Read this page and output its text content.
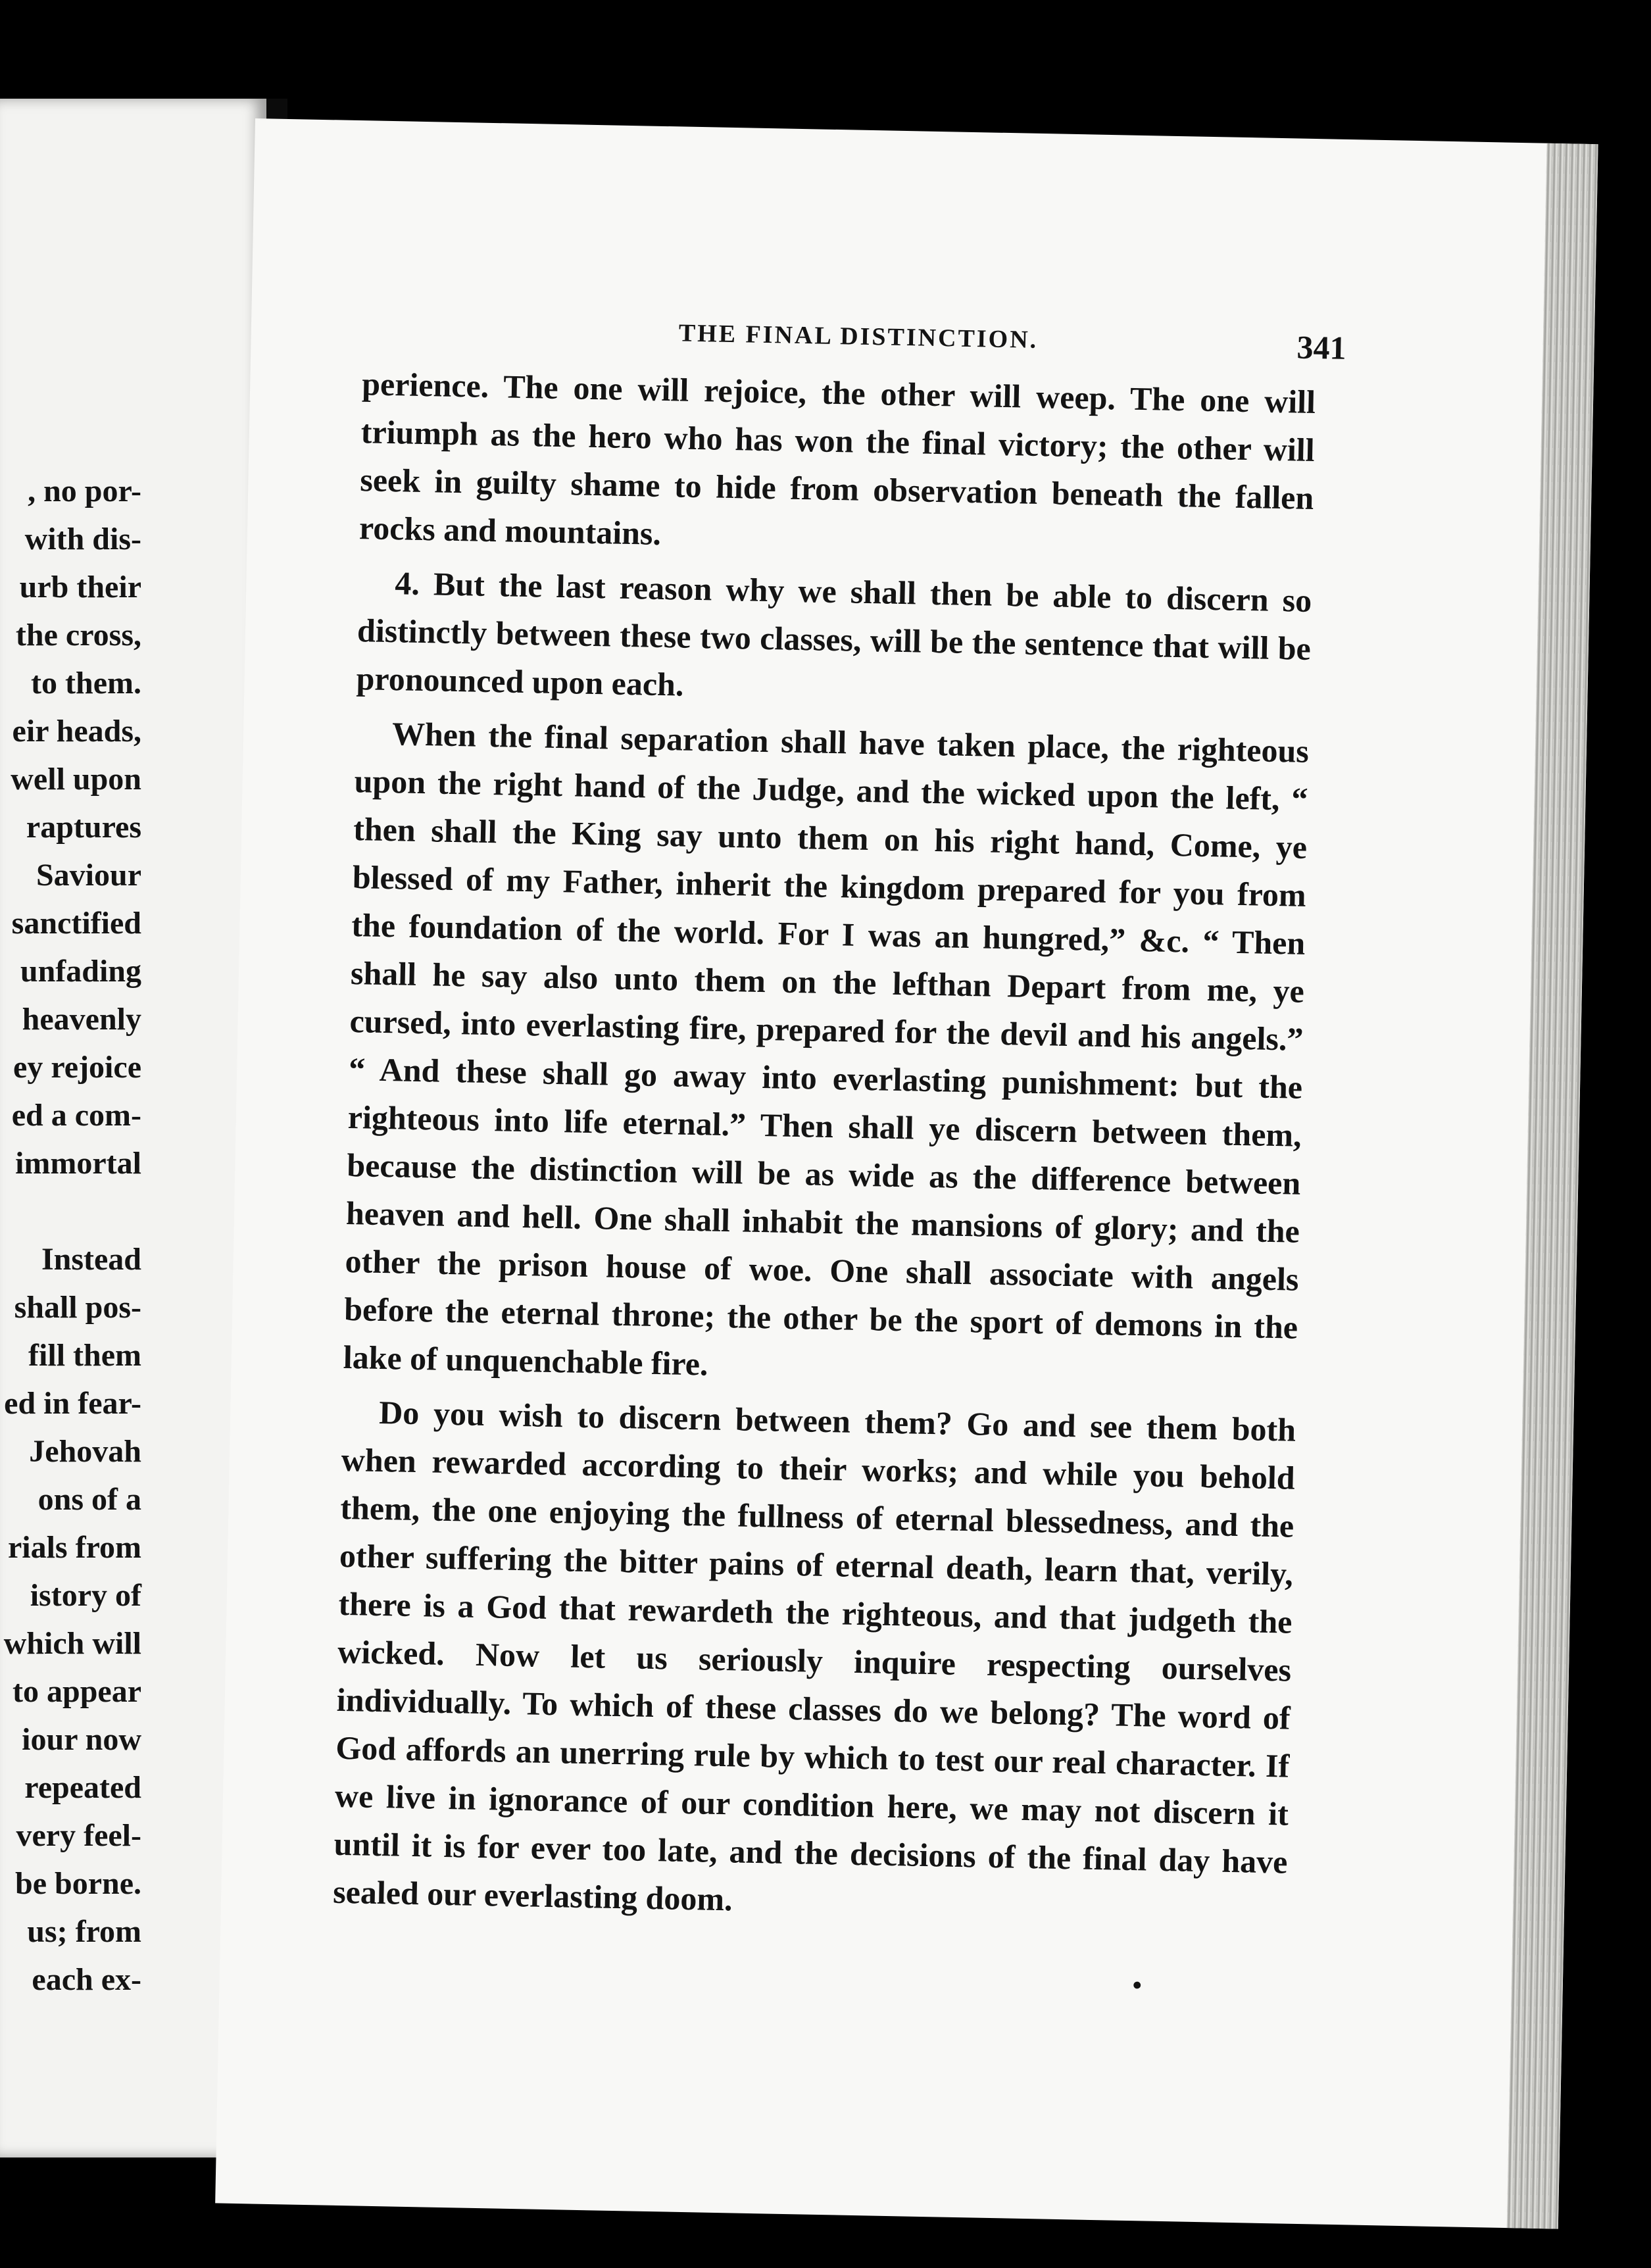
, no por-
with dis-
urb their
the cross,
to them.
eir heads,
well upon
raptures
Saviour
sanctified
unfading
heavenly
ey rejoice
ed a com-
immortal

Instead
shall pos-
fill them
ed in fear-
Jehovah
ons of a
rials from
istory of
which will
to appear
iour now
repeated
very feel-
be borne.
us; from
each ex-
THE FINAL DISTINCTION.	341

perience. The one will rejoice, the other will weep. The one will triumph as the hero who has won the final victory; the other will seek in guilty shame to hide from observation beneath the fallen rocks and mountains.

4. But the last reason why we shall then be able to discern so distinctly between these two classes, will be the sentence that will be pronounced upon each.

When the final separation shall have taken place, the righteous upon the right hand of the Judge, and the wicked upon the left, “ then shall the King say unto them on his right hand, Come, ye blessed of my Father, inherit the kingdom prepared for you from the foundation of the world. For I was an hungred,” &c. “ Then shall he say also unto them on the lefthan Depart from me, ye cursed, into everlasting fire, prepared for the devil and his angels.” “ And these shall go away into everlasting punishment: but the righteous into life eternal.” Then shall ye discern between them, because the distinction will be as wide as the difference between heaven and hell. One shall inhabit the mansions of glory; and the other the prison house of woe. One shall associate with angels before the eternal throne; the other be the sport of demons in the lake of unquenchable fire.

Do you wish to discern between them? Go and see them both when rewarded according to their works; and while you behold them, the one enjoying the fullness of eternal blessedness, and the other suffering the bitter pains of eternal death, learn that, verily, there is a God that rewardeth the righteous, and that judgeth the wicked. Now let us seriously inquire respecting ourselves individually. To which of these classes do we belong? The word of God affords an unerring rule by which to test our real character. If we live in ignorance of our condition here, we may not discern it until it is for ever too late, and the decisions of the final day have sealed our everlasting doom.

•
